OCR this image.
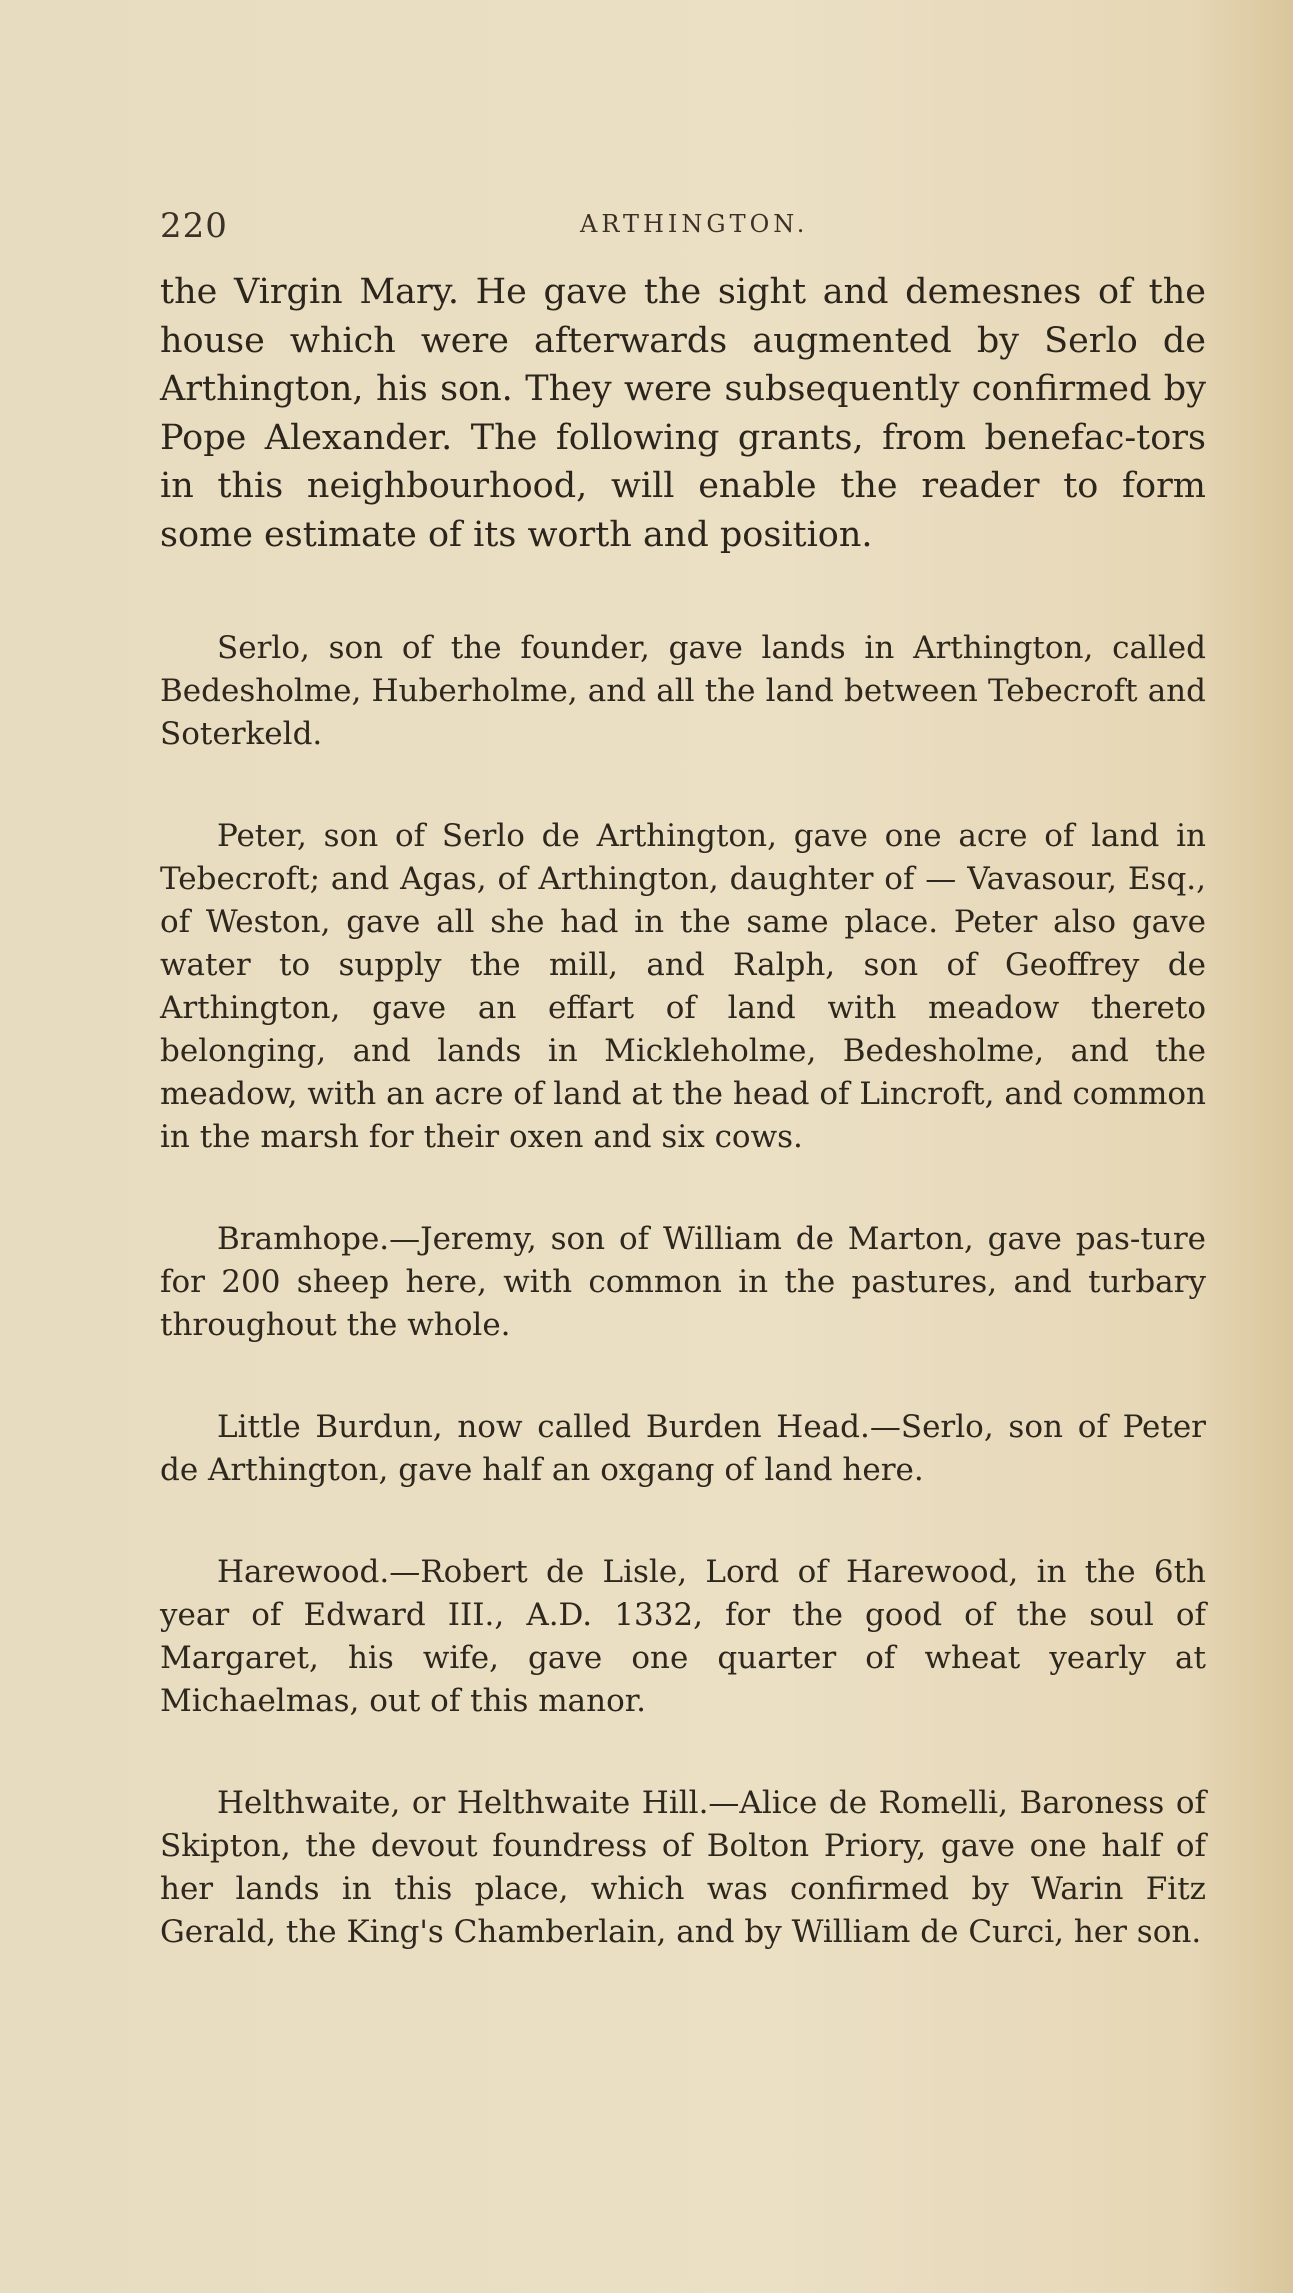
220	ARTHINGTON.

the Virgin Mary. He gave the sight and demesnes of the house which were afterwards augmented by Serlo de Arthington, his son. They were subsequently confirmed by Pope Alexander. The following grants, from benefac-tors in this neighbourhood, will enable the reader to form some estimate of its worth and position.

Serlo, son of the founder, gave lands in Arthington, called Bedesholme, Huberholme, and all the land between Tebecroft and Soterkeld.

Peter, son of Serlo de Arthington, gave one acre of land in Tebecroft; and Agas, of Arthington, daughter of — Vavasour, Esq., of Weston, gave all she had in the same place. Peter also gave water to supply the mill, and Ralph, son of Geoffrey de Arthington, gave an effart of land with meadow thereto belonging, and lands in Mickleholme, Bedesholme, and the meadow, with an acre of land at the head of Lincroft, and common in the marsh for their oxen and six cows.

Bramhope.—Jeremy, son of William de Marton, gave pas-ture for 200 sheep here, with common in the pastures, and turbary throughout the whole.

Little Burdun, now called Burden Head.—Serlo, son of Peter de Arthington, gave half an oxgang of land here.

Harewood.—Robert de Lisle, Lord of Harewood, in the 6th year of Edward III., A.D. 1332, for the good of the soul of Margaret, his wife, gave one quarter of wheat yearly at Michaelmas, out of this manor.

Helthwaite, or Helthwaite Hill.—Alice de Romelli, Baroness of Skipton, the devout foundress of Bolton Priory, gave one half of her lands in this place, which was confirmed by Warin Fitz Gerald, the King's Chamberlain, and by William de Curci, her son.
